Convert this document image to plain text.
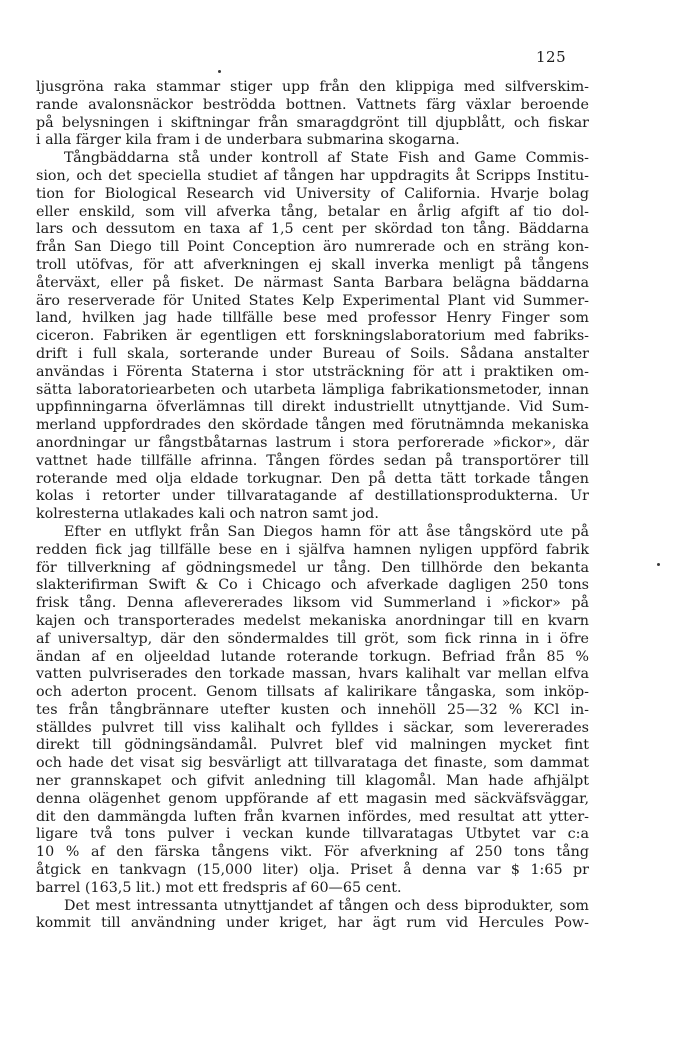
125
ljusgröna raka stammar stiger upp från den klippiga med silfverskim-
rande avalonsnäckor beströdda bottnen. Vattnets färg växlar beroende
på belysningen i skiftningar från smaragdgrönt till djupblått, och fiskar
i alla färger kila fram i de underbara submarina skogarna.
Tångbäddarna stå under kontroll af State Fish and Game Commis-
sion, och det speciella studiet af tången har uppdragits åt Scripps Institu-
tion for Biological Research vid University of California. Hvarje bolag
eller enskild, som vill afverka tång, betalar en årlig afgift af tio dol-
lars och dessutom en taxa af 1,5 cent per skördad ton tång. Bäddarna
från San Diego till Point Conception äro numrerade och en sträng kon-
troll utöfvas, för att afverkningen ej skall inverka menligt på tångens
återväxt, eller på fisket. De närmast Santa Barbara belägna bäddarna
äro reserverade för United States Kelp Experimental Plant vid Summer-
land, hvilken jag hade tillfälle bese med professor Henry Finger som
ciceron. Fabriken är egentligen ett forskningslaboratorium med fabriks-
drift i full skala, sorterande under Bureau of Soils. Sådana anstalter
användas i Förenta Staterna i stor utsträckning för att i praktiken om-
sätta laboratoriearbeten och utarbeta lämpliga fabrikationsmetoder, innan
uppfinningarna öfverlämnas till direkt industriellt utnyttjande. Vid Sum-
merland uppfordrades den skördade tången med förutnämnda mekaniska
anordningar ur fångstbåtarnas lastrum i stora perforerade »fickor», där
vattnet hade tillfälle afrinna. Tången fördes sedan på transportörer till
roterande med olja eldade torkugnar. Den på detta tätt torkade tången
kolas i retorter under tillvaratagande af destillationsprodukterna. Ur
kolresterna utlakades kali och natron samt jod.
Efter en utflykt från San Diegos hamn för att åse tångskörd ute på
redden fick jag tillfälle bese en i själfva hamnen nyligen uppförd fabrik
för tillverkning af gödningsmedel ur tång. Den tillhörde den bekanta
slakterifirman Swift & Co i Chicago och afverkade dagligen 250 tons
frisk tång. Denna aflevererades liksom vid Summerland i »fickor» på
kajen och transporterades medelst mekaniska anordningar till en kvarn
af universaltyp, där den söndermaldes till gröt, som fick rinna in i öfre
ändan af en oljeeldad lutande roterande torkugn. Befriad från 85 %
vatten pulvriserades den torkade massan, hvars kalihalt var mellan elfva
och aderton procent. Genom tillsats af kalirikare tångaska, som inköp-
tes från tångbrännare utefter kusten och innehöll 25—32 % KCl in-
ställdes pulvret till viss kalihalt och fylldes i säckar, som levererades
direkt till gödningsändamål. Pulvret blef vid malningen mycket fint
och hade det visat sig besvärligt att tillvaratagа det finaste, som dammat
ner grannskapet och gifvit anledning till klagomål. Man hade afhjälpt
denna olägenhet genom uppförande af ett magasin med säckväfsväggar,
dit den dammängda luften från kvarnen infördes, med resultat att ytter-
ligare två tons pulver i veckan kunde tillvaratagas Utbytet var c:a
10 % af den färska tångens vikt. För afverkning af 250 tons tång
åtgick en tankvagn (15,000 liter) olja. Priset å denna var $ 1:65 pr
barrel (163,5 lit.) mot ett fredspris af 60—65 cent.
Det mest intressanta utnyttjandet af tången och dess biprodukter, som
kommit till användning under kriget, har ägt rum vid Hercules Pow-
